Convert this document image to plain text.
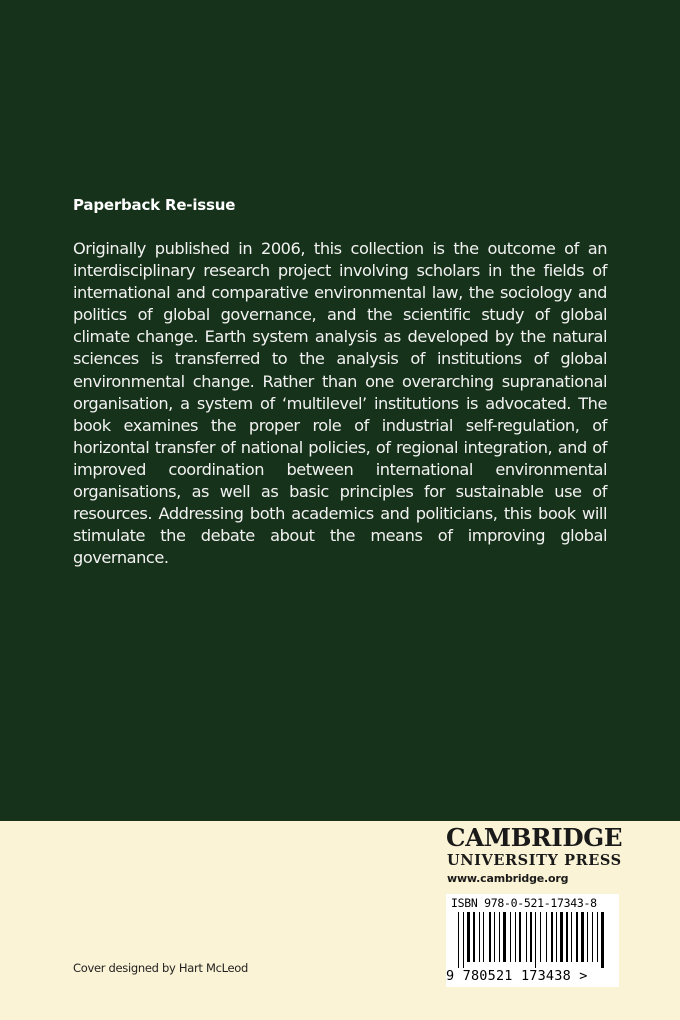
Paperback Re-issue

Originally published in 2006, this collection is the outcome of an interdisciplinary research project involving scholars in the fields of international and comparative environmental law, the sociology and politics of global governance, and the scientific study of global climate change. Earth system analysis as developed by the natural sciences is transferred to the analysis of institutions of global environmental change. Rather than one overarching supranational organisation, a system of ‘multilevel’ institutions is advocated. The book examines the proper role of industrial self-regulation, of horizontal transfer of national policies, of regional integration, and of improved coordination between international environmental organisations, as well as basic principles for sustainable use of resources. Addressing both academics and politicians, this book will stimulate the debate about the means of improving global governance.

CAMBRIDGE
UNIVERSITY PRESS
www.cambridge.org
ISBN 978-0-521-17343-8
9 780521 173438 >
Cover designed by Hart McLeod
